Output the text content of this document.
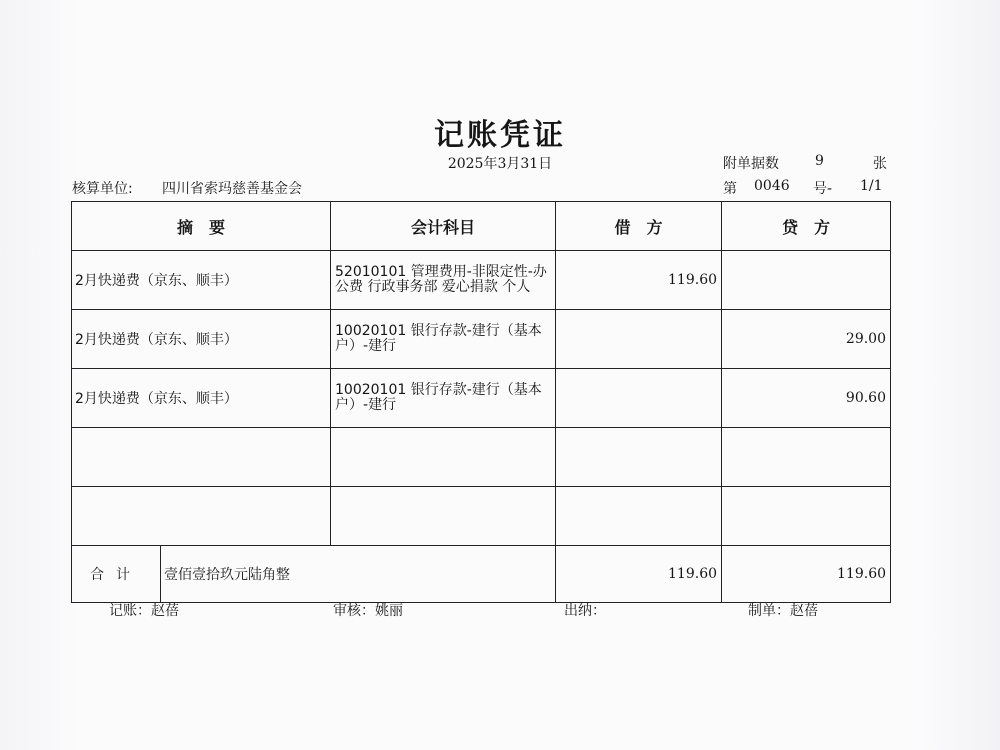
记账凭证
2025年3月31日
核算单位: 四川省索玛慈善基金会
附单据数	9	张
第 0046 号- 1/1
摘　要		会计科目	借　方	贷　方
2月快递费（京东、顺丰）		52010101 管理费用-非限定性-办公费 行政事务部 爱心捐款 个人	119.60	
2月快递费（京东、顺丰）		10020101 银行存款-建行（基本户）-建行		29.00
2月快递费（京东、顺丰）		10020101 银行存款-建行（基本户）-建行		90.60

合计	壹佰壹拾玖元陆角整		119.60	119.60
记账：赵蓓	审核：姚丽	出纳：	制单：赵蓓
